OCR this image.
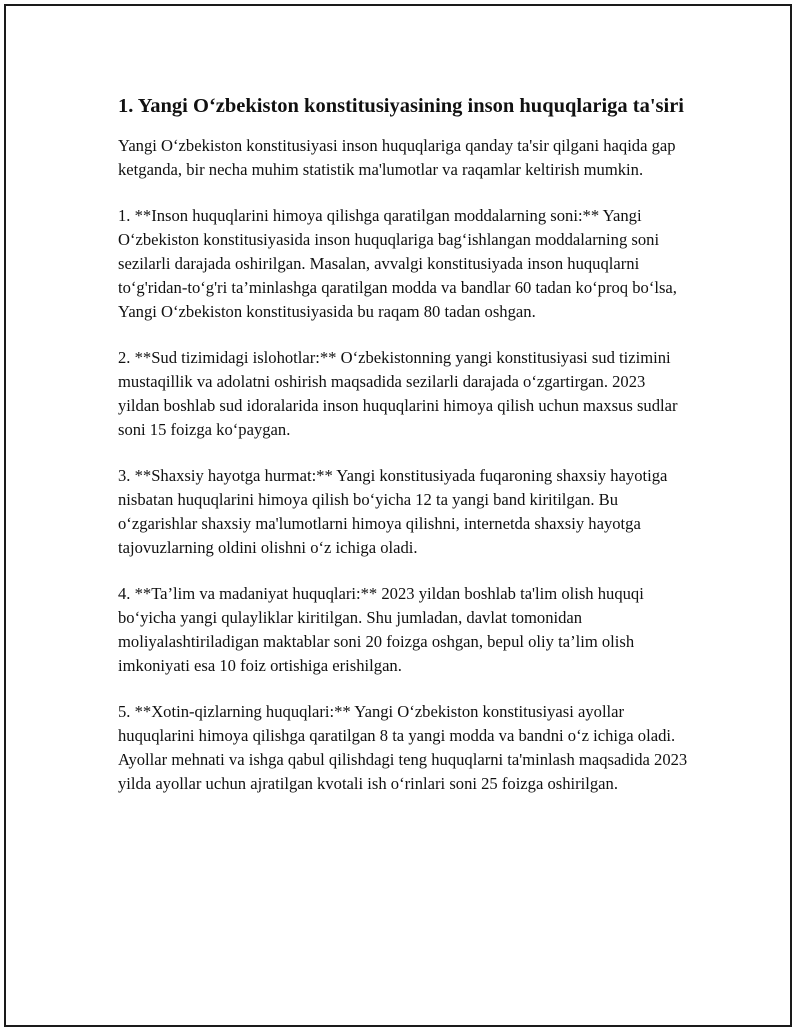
1. Yangi O‘zbekiston konstitusiyasining inson huquqlariga ta'siri

Yangi O‘zbekiston konstitusiyasi inson huquqlariga qanday ta'sir qilgani haqida gap ketganda, bir necha muhim statistik ma'lumotlar va raqamlar keltirish mumkin.

1. **Inson huquqlarini himoya qilishga qaratilgan moddalarning soni:** Yangi O‘zbekiston konstitusiyasida inson huquqlariga bag‘ishlangan moddalarning soni sezilarli darajada oshirilgan. Masalan, avvalgi konstitusiyada inson huquqlarni to‘g'ridan-to‘g'ri ta’minlashga qaratilgan modda va bandlar 60 tadan ko‘proq bo‘lsa, Yangi O‘zbekiston konstitusiyasida bu raqam 80 tadan oshgan.

2. **Sud tizimidagi islohotlar:** O‘zbekistonning yangi konstitusiyasi sud tizimini mustaqillik va adolatni oshirish maqsadida sezilarli darajada o‘zgartirgan. 2023 yildan boshlab sud idoralarida inson huquqlarini himoya qilish uchun maxsus sudlar soni 15 foizga ko‘paygan.

3. **Shaxsiy hayotga hurmat:** Yangi konstitusiyada fuqaroning shaxsiy hayotiga nisbatan huquqlarini himoya qilish bo‘yicha 12 ta yangi band kiritilgan. Bu o‘zgarishlar shaxsiy ma'lumotlarni himoya qilishni, internetda shaxsiy hayotga tajovuzlarning oldini olishni o‘z ichiga oladi.

4. **Ta’lim va madaniyat huquqlari:** 2023 yildan boshlab ta'lim olish huquqi bo‘yicha yangi qulayliklar kiritilgan. Shu jumladan, davlat tomonidan moliyalashtiriladigan maktablar soni 20 foizga oshgan, bepul oliy ta’lim olish imkoniyati esa 10 foiz ortishiga erishilgan.

5. **Xotin-qizlarning huquqlari:** Yangi O‘zbekiston konstitusiyasi ayollar huquqlarini himoya qilishga qaratilgan 8 ta yangi modda va bandni o‘z ichiga oladi. Ayollar mehnati va ishga qabul qilishdagi teng huquqlarni ta'minlash maqsadida 2023 yilda ayollar uchun ajratilgan kvotali ish o‘rinlari soni 25 foizga oshirilgan.
